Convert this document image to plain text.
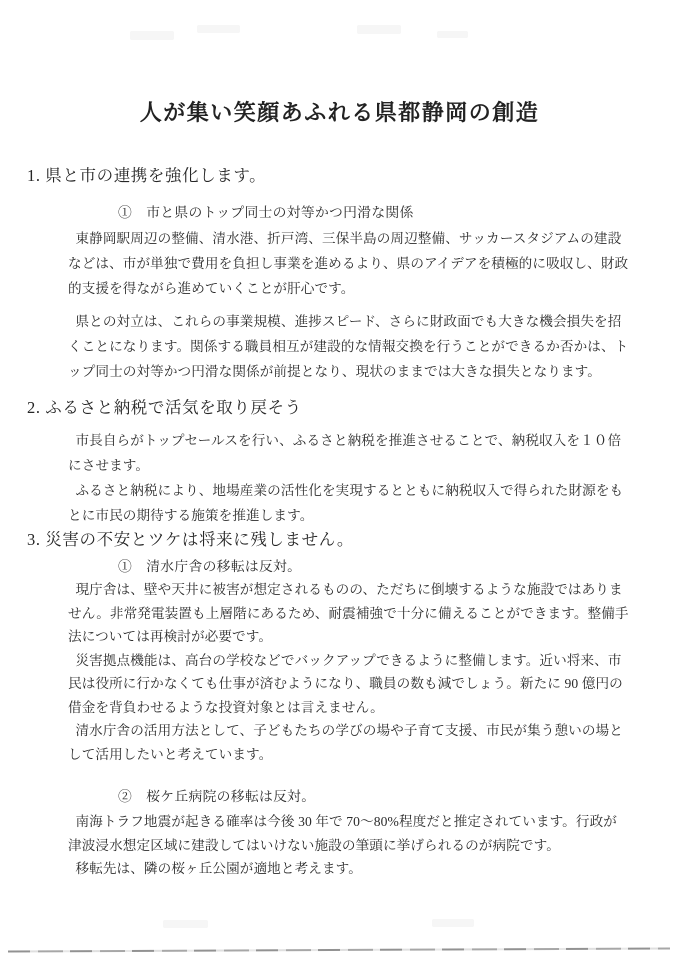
人が集い笑顔あふれる県都静岡の創造
1. 県と市の連携を強化します。
①　市と県のトップ同士の対等かつ円滑な関係

東静岡駅周辺の整備、清水港、折戸湾、三保半島の周辺整備、サッカースタジアムの建設
などは、市が単独で費用を負担し事業を進めるより、県のアイデアを積極的に吸収し、財政
的支援を得ながら進めていくことが肝心です。

県との対立は、これらの事業規模、進捗スピード、さらに財政面でも大きな機会損失を招
くことになります。関係する職員相互が建設的な情報交換を行うことができるか否かは、ト
ップ同士の対等かつ円滑な関係が前提となり、現状のままでは大きな損失となります。

2. ふるさと納税で活気を取り戻そう

市長自らがトップセールスを行い、ふるさと納税を推進させることで、納税収入を１０倍
にさせます。

ふるさと納税により、地場産業の活性化を実現するとともに納税収入で得られた財源をも
とに市民の期待する施策を推進します。

3. 災害の不安とツケは将来に残しません。
①　清水庁舎の移転は反対。

現庁舎は、壁や天井に被害が想定されるものの、ただちに倒壊するような施設ではありま
せん。非常発電装置も上層階にあるため、耐震補強で十分に備えることができます。整備手
法については再検討が必要です。

災害拠点機能は、高台の学校などでバックアップできるように整備します。近い将来、市
民は役所に行かなくても仕事が済むようになり、職員の数も減でしょう。新たに 90 億円の
借金を背負わせるような投資対象とは言えません。

清水庁舎の活用方法として、子どもたちの学びの場や子育て支援、市民が集う憩いの場と
して活用したいと考えています。

②　桜ケ丘病院の移転は反対。

南海トラフ地震が起きる確率は今後 30 年で 70～80%程度だと推定されています。行政が
津波浸水想定区域に建設してはいけない施設の筆頭に挙げられるのが病院です。

移転先は、隣の桜ヶ丘公園が適地と考えます。
